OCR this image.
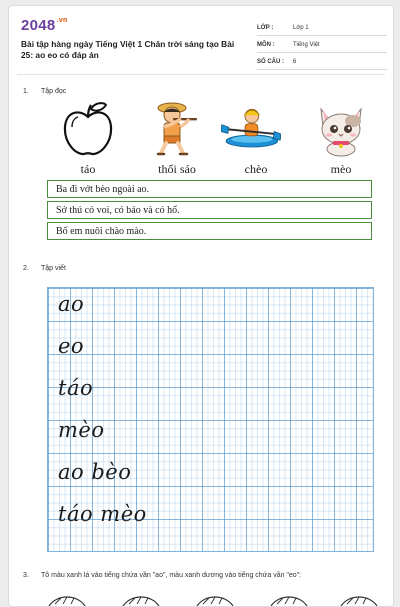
$2048^{.vn}$
Bài tập hàng ngày Tiếng Việt 1 Chân trời sáng tạo Bài 25: ao eo có đáp án
LỚP :	Lớp 1
MÔN :	Tiếng Việt
SỐ CÂU : 6
1. Tập đọc
táo	thổi sáo	chèo	mèo
Ba đi vớt bèo ngoài ao.
Sở thú có voi, có báo và có hổ.
Bố em nuôi chào mào.
2. Tập viết
ao
eo
táo
mèo
ao bèo
táo mèo
3. Tô màu xanh lá vào tiếng chứa vần "ao", màu xanh dương vào tiếng chứa vần "eo":
